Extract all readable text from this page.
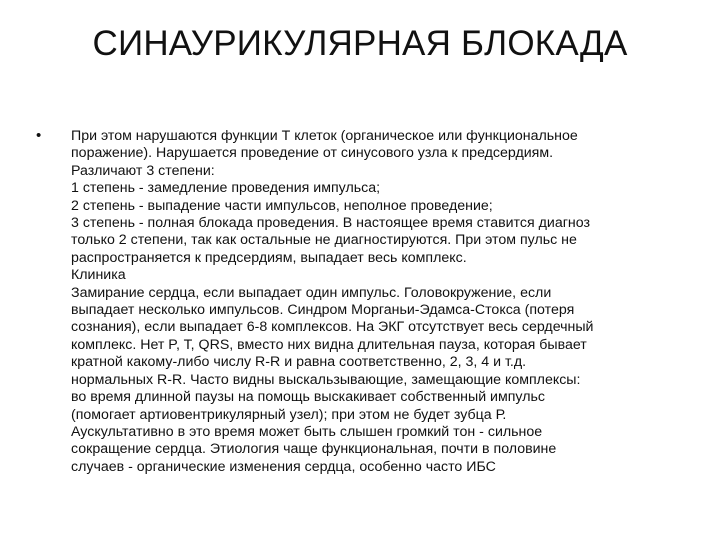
СИНАУРИКУЛЯРНАЯ БЛОКАДА
• При этом нарушаются функции Т клеток (органическое или функциональное
поражение). Нарушается проведение от синусового узла к предсердиям.
Различают 3 степени:
1 степень - замедление проведения импульса;
2 степень - выпадение части импульсов, неполное проведение;
3 степень - полная блокада проведения. В настоящее время ставится диагноз
только 2 степени, так как остальные не диагностируются. При этом пульс не
распространяется к предсердиям, выпадает весь комплекс.
Клиника
Замирание сердца, если выпадает один импульс. Головокружение, если
выпадает несколько импульсов. Синдром Морганьи-Эдамса-Стокса (потеря
сознания), если выпадает 6-8 комплексов. На ЭКГ отсутствует весь сердечный
комплекс. Нет P, T, QRS, вместо них видна длительная пауза, которая бывает
кратной какому-либо числу R-R и равна соответственно, 2, 3, 4 и т.д.
нормальных R-R. Часто видны выскальзывающие, замещающие комплексы:
во время длинной паузы на помощь выскакивает собственный импульс
(помогает артиовентрикулярный узел); при этом не будет зубца Р.
Аускультативно в это время может быть слышен громкий тон - сильное
сокращение сердца. Этиология чаще функциональная, почти в половине
случаев - органические изменения сердца, особенно часто ИБС
